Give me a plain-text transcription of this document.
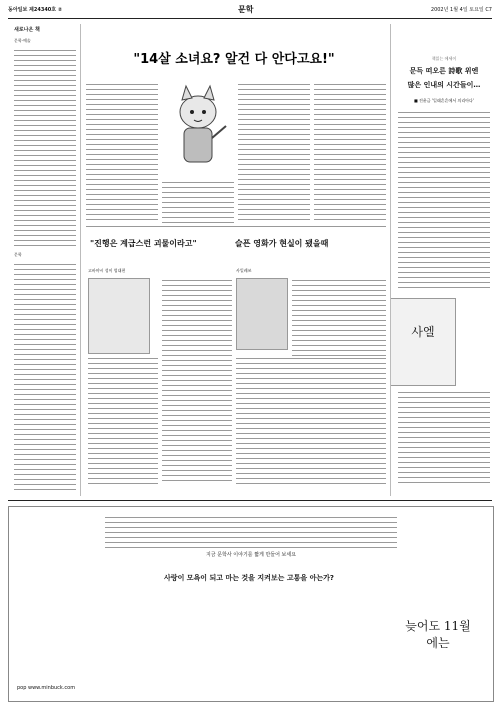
동아일보 제24340호 ②	문학	2002년 1월 4일 토요일 C7
새로나온 책
문학·예술
문학
"14살 소녀요? 알건 다 안다고요!"
"진행은 계급스런 괴물이라고"	슬픈 영화가 현실이 됐을때
고바야시 성이 엄대편	사일레쓰
사엘
책읽는 에세이
문득 떠오른 詩歌 위엔
많은 인내의 시간들이…
■ 전윤금 '일래흔흔에서 의리아다'
지금 문학사 이야기를 짧게 만들어 보세요
사랑이 모욕이 되고 마는 것을 지켜보는 고통을 아는가?
늦어도 11월에는
pop www.minbuck.com
